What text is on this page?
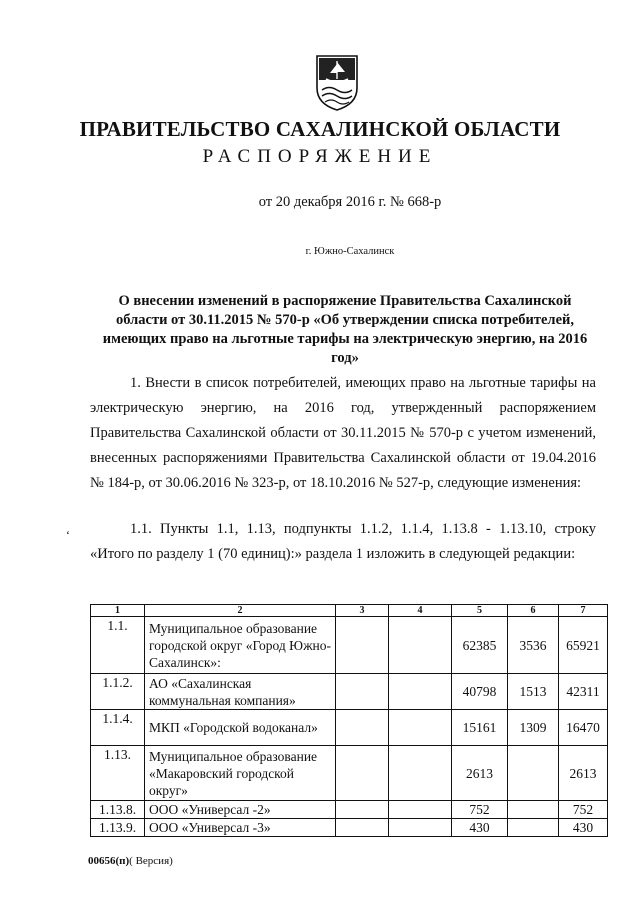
ПРАВИТЕЛЬСТВО САХАЛИНСКОЙ ОБЛАСТИ
РАСПОРЯЖЕНИЕ
от 20 декабря 2016 г. № 668-р
г. Южно-Сахалинск
О внесении изменений в распоряжение Правительства Сахалинской области от 30.11.2015 № 570-р «Об утверждении списка потребителей, имеющих право на льготные тарифы на электрическую энергию, на 2016 год»
1. Внести в список потребителей, имеющих право на льготные тарифы на электрическую энергию, на 2016 год, утвержденный распоряжением Правительства Сахалинской области от 30.11.2015 № 570-р с учетом изменений, внесенных распоряжениями Правительства Сахалинской области от 19.04.2016 № 184-р, от 30.06.2016 № 323-р, от 18.10.2016 № 527-р, следующие изменения:
‘	1.1. Пункты 1.1, 1.13, подпункты 1.1.2, 1.1.4, 1.13.8 - 1.13.10, строку «Итого по разделу 1 (70 единиц):» раздела 1 изложить в следующей редакции:
1	2	3	4	5	6	7
1.1.	Муниципальное образование городской округ «Город Южно-Сахалинск»:			62385	3536	65921
1.1.2.	АО «Сахалинская коммунальная компания»			40798	1513	42311
1.1.4.	МКП «Городской водоканал»			15161	1309	16470
1.13.	Муниципальное образование «Макаровский городской округ»			2613		2613
1.13.8.	ООО «Универсал -2»			752		752
1.13.9.	ООО «Универсал -3»			430		430
00656(п)( Версия)
